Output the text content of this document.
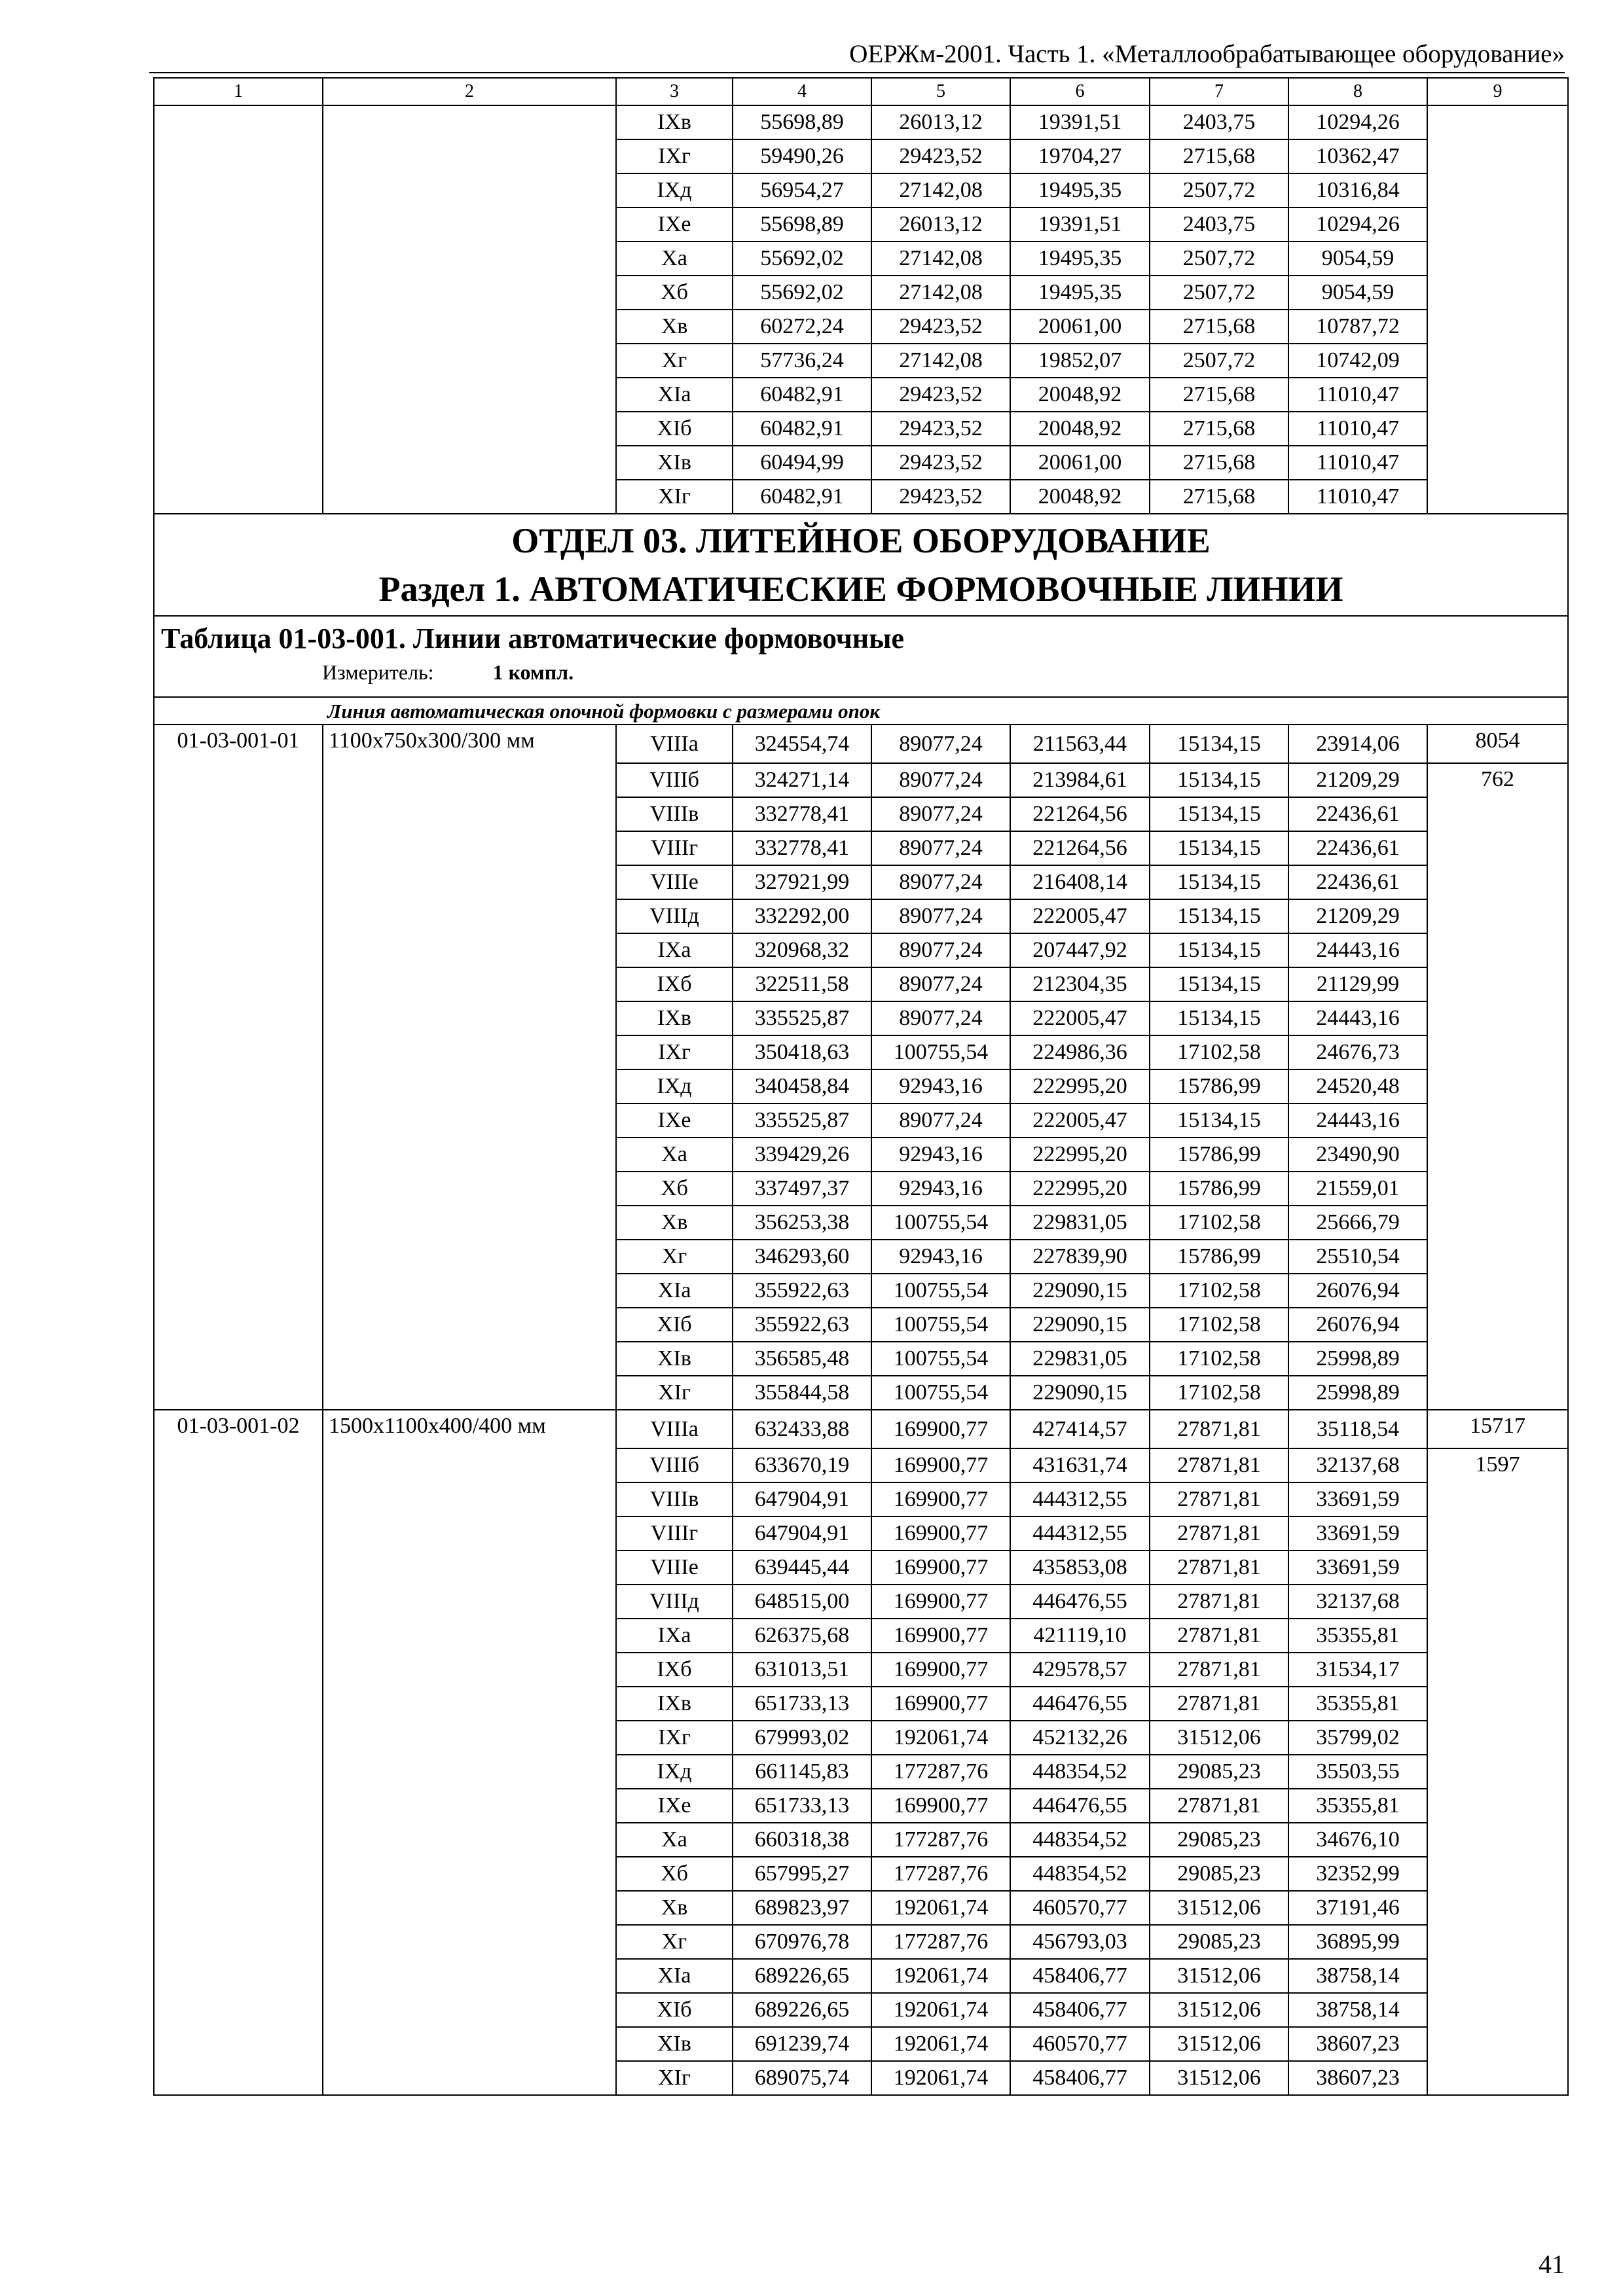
ОЕРЖм-2001. Часть 1. «Металлообрабатывающее оборудование»
1	2	3	4	5	6	7	8	9
		IXв	55698,89	26013,12	19391,51	2403,75	10294,26	
		IXг	59490,26	29423,52	19704,27	2715,68	10362,47	
		IXд	56954,27	27142,08	19495,35	2507,72	10316,84	
		IXе	55698,89	26013,12	19391,51	2403,75	10294,26	
		Xа	55692,02	27142,08	19495,35	2507,72	9054,59	
		Xб	55692,02	27142,08	19495,35	2507,72	9054,59	
		Xв	60272,24	29423,52	20061,00	2715,68	10787,72	
		Xг	57736,24	27142,08	19852,07	2507,72	10742,09	
		XIа	60482,91	29423,52	20048,92	2715,68	11010,47	
		XIб	60482,91	29423,52	20048,92	2715,68	11010,47	
		XIв	60494,99	29423,52	20061,00	2715,68	11010,47	
		XIг	60482,91	29423,52	20048,92	2715,68	11010,47	

ОТДЕЛ 03. ЛИТЕЙНОЕ ОБОРУДОВАНИЕ
Раздел 1. АВТОМАТИЧЕСКИЕ ФОРМОВОЧНЫЕ ЛИНИИ								

Таблица 01-03-001. Линии автоматические формовочные
Измеритель: 1 компл.								

Линия автоматическая опочной формовки с размерами опок								
01-03-001-01	1100x750x300/300 мм	VIIIа	324554,74	89077,24	211563,44	15134,15	23914,06	8054
		VIIIб	324271,14	89077,24	213984,61	15134,15	21209,29	762
		VIIIв	332778,41	89077,24	221264,56	15134,15	22436,61	
		VIIIг	332778,41	89077,24	221264,56	15134,15	22436,61	
		VIIIе	327921,99	89077,24	216408,14	15134,15	22436,61	
		VIIIд	332292,00	89077,24	222005,47	15134,15	21209,29	
		IXа	320968,32	89077,24	207447,92	15134,15	24443,16	
		IXб	322511,58	89077,24	212304,35	15134,15	21129,99	
		IXв	335525,87	89077,24	222005,47	15134,15	24443,16	
		IXг	350418,63	100755,54	224986,36	17102,58	24676,73	
		IXд	340458,84	92943,16	222995,20	15786,99	24520,48	
		IXе	335525,87	89077,24	222005,47	15134,15	24443,16	
		Xа	339429,26	92943,16	222995,20	15786,99	23490,90	
		Xб	337497,37	92943,16	222995,20	15786,99	21559,01	
		Xв	356253,38	100755,54	229831,05	17102,58	25666,79	
		Xг	346293,60	92943,16	227839,90	15786,99	25510,54	
		XIа	355922,63	100755,54	229090,15	17102,58	26076,94	
		XIб	355922,63	100755,54	229090,15	17102,58	26076,94	
		XIв	356585,48	100755,54	229831,05	17102,58	25998,89	
		XIг	355844,58	100755,54	229090,15	17102,58	25998,89	
01-03-001-02	1500x1100x400/400 мм	VIIIа	632433,88	169900,77	427414,57	27871,81	35118,54	15717
		VIIIб	633670,19	169900,77	431631,74	27871,81	32137,68	1597
		VIIIв	647904,91	169900,77	444312,55	27871,81	33691,59	
		VIIIг	647904,91	169900,77	444312,55	27871,81	33691,59	
		VIIIе	639445,44	169900,77	435853,08	27871,81	33691,59	
		VIIIд	648515,00	169900,77	446476,55	27871,81	32137,68	
		IXа	626375,68	169900,77	421119,10	27871,81	35355,81	
		IXб	631013,51	169900,77	429578,57	27871,81	31534,17	
		IXв	651733,13	169900,77	446476,55	27871,81	35355,81	
		IXг	679993,02	192061,74	452132,26	31512,06	35799,02	
		IXд	661145,83	177287,76	448354,52	29085,23	35503,55	
		IXе	651733,13	169900,77	446476,55	27871,81	35355,81	
		Xа	660318,38	177287,76	448354,52	29085,23	34676,10	
		Xб	657995,27	177287,76	448354,52	29085,23	32352,99	
		Xв	689823,97	192061,74	460570,77	31512,06	37191,46	
		Xг	670976,78	177287,76	456793,03	29085,23	36895,99	
		XIа	689226,65	192061,74	458406,77	31512,06	38758,14	
		XIб	689226,65	192061,74	458406,77	31512,06	38758,14	
		XIв	691239,74	192061,74	460570,77	31512,06	38607,23	
		XIг	689075,74	192061,74	458406,77	31512,06	38607,23	
41
